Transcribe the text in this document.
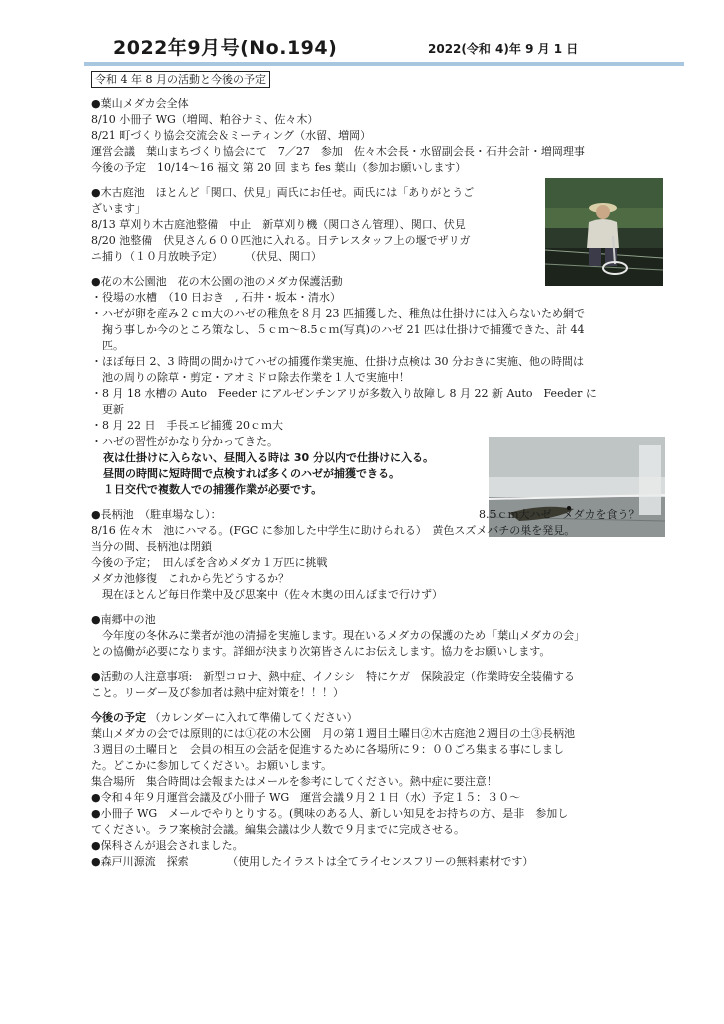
2022年9月号(No.194)	2022(令和 4)年 9 月 1 日
令和 4 年 8 月の活動と今後の予定
●葉山メダカ会全体
8/10 小冊子 WG（増岡、粕谷ナミ、佐々木）
8/21 町づくり協会交流会＆ミーティング（水留、増岡）
運営会議　葉山まちづくり協会にて　7／27　参加　佐々木会長・水留副会長・石井会計・増岡理事
今後の予定　10/14～16 福文 第 20 回 まち fes 葉山（参加お願いします）
●木古庭池　ほとんど「関口、伏見」両氏にお任せ。両氏には「ありがとうご
ざいます」
8/13 草刈り木古庭池整備　中止　新草刈り機（関口さん管理）、関口、伏見
8/20 池整備　伏見さん６００匹池に入れる。日テレスタッフ上の堰でザリガ
ニ捕り（１０月放映予定）　　　（伏見、関口）
●花の木公園池　花の木公園の池のメダカ保護活動
・役場の水槽　（10 日おき　, 石井・坂本・清水）
・ハゼが卵を産み２ｃｍ大のハゼの稚魚を８月 23 匹捕獲した、稚魚は仕掛けには入らないため網で
　掬う事しか今のところ策なし、５ｃｍ～8.5ｃｍ(写真)のハゼ 21 匹は仕掛けで捕獲できた、計 44
　匹。
・ほぼ毎日 2、3 時間の間かけてハゼの捕獲作業実施、仕掛け点検は 30 分おきに実施、他の時間は
　池の周りの除草・剪定・アオミドロ除去作業を１人で実施中！
・8 月 18 水槽の Auto　Feeder にアルゼンチンアリが多数入り故障し 8 月 22 新 Auto　Feeder に
　更新
・8 月 22 日　手長エビ捕獲 20ｃｍ大
・ハゼの習性がかなり分かってきた。
夜は仕掛けに入らない、昼間入る時は 30 分以内で仕掛けに入る。
昼間の時間に短時間で点検すれば多くのハゼが捕獲できる。
１日交代で複数人での捕獲作業が必要です。
●長柄池　（駐車場なし）：	8.5ｃｍ大ハゼ　メダカを食う？
8/16 佐々木　池にハマる。(FGC に参加した中学生に助けられる）　黄色スズメバチの巣を発見。
当分の間、長柄池は閉鎖
今後の予定；　田んぼを含めメダカ１万匹に挑戦
メダカ池修復　これから先どうするか？
　現在ほとんど毎日作業中及び思案中（佐々木奥の田んぼまで行けず）
●南郷中の池
　今年度の冬休みに業者が池の清掃を実施します。現在いるメダカの保護のため「葉山メダカの会」
との協働が必要になります。詳細が決まり次第皆さんにお伝えします。協力をお願いします。
●活動の人注意事項:　新型コロナ、熱中症、イノシシ　特にケガ　保険設定（作業時安全装備する
こと。リーダー及び参加者は熱中症対策を！！！）
今後の予定 （カレンダーに入れて準備してください）
葉山メダカの会では原則的には①花の木公園　月の第１週目土曜日②木古庭池２週目の土③長柄池
３週目の土曜日と　会員の相互の会話を促進するために各場所に９：００ごろ集まる事にしまし
た。どこかに参加してください。お願いします。
集合場所　集合時間は会報またはメールを参考にしてください。熱中症に要注意！
●令和４年９月運営会議及び小冊子 WG　運営会議９月２１日（水）予定１５：３０～
●小冊子 WG　メールでやりとりする。(興味のある人、新しい知見をお持ちの方、是非　参加し
てください。ラフ案検討会議。編集会議は少人数で９月までに完成させる。
●保科さんが退会されました。
●森戸川源流　探索　　　　（使用したイラストは全てライセンスフリーの無料素材です）
